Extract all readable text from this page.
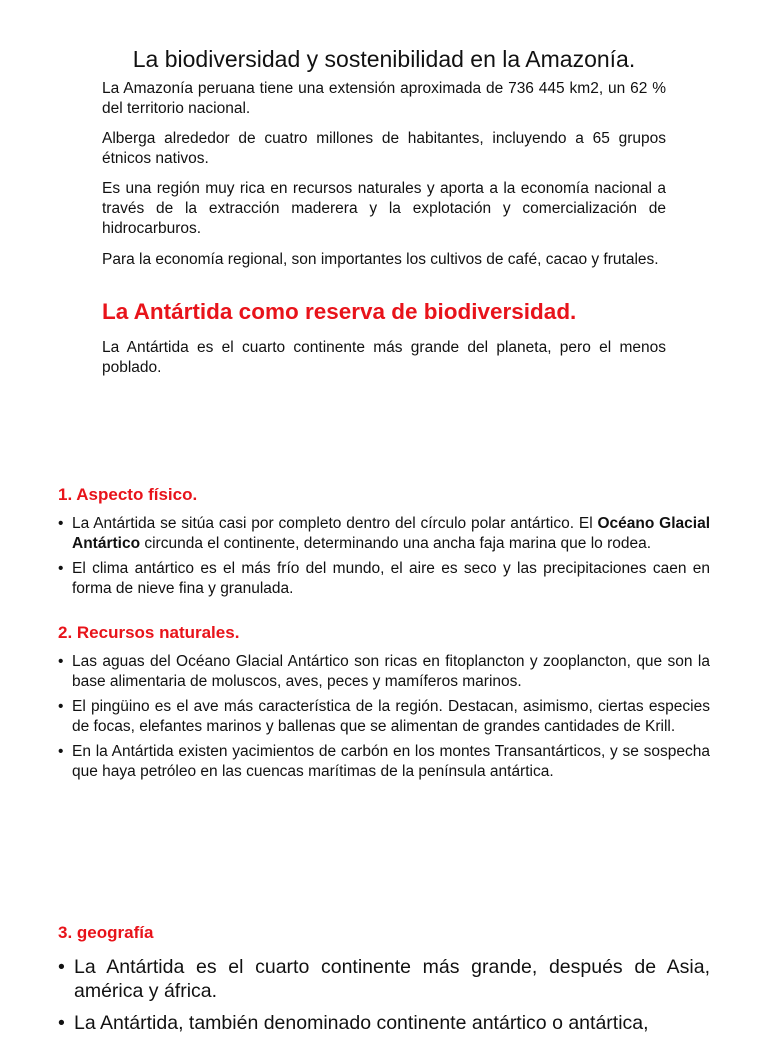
La biodiversidad y sostenibilidad en la Amazonía.

La Amazonía peruana tiene una extensión aproximada de 736 445 km2, un 62 % del territorio nacional.

Alberga alrededor de cuatro millones de habitantes, incluyendo a 65 grupos étnicos nativos.

Es una región muy rica en recursos naturales y aporta a la economía nacional a través de la extracción maderera y la explotación y comercialización de hidrocarburos.

Para la economía regional, son importantes los cultivos de café, cacao y frutales.

La Antártida como reserva de biodiversidad.

La Antártida es el cuarto continente más grande del planeta, pero el menos poblado.

1. Aspecto físico.
• La Antártida se sitúa casi por completo dentro del círculo polar antártico. El Océano Glacial Antártico circunda el continente, determinando una ancha faja marina que lo rodea.
• El clima antártico es el más frío del mundo, el aire es seco y las precipitaciones caen en forma de nieve fina y granulada.
2. Recursos naturales.
• Las aguas del Océano Glacial Antártico son ricas en fitoplancton y zooplancton, que son la base alimentaria de moluscos, aves, peces y mamíferos marinos.
• El pingüino es el ave más característica de la región. Destacan, asimismo, ciertas especies de focas, elefantes marinos y ballenas que se alimentan de grandes cantidades de Krill.
• En la Antártida existen yacimientos de carbón en los montes Transantárticos, y se sospecha que haya petróleo en las cuencas marítimas de la península antártica.
3. geografía
• La Antártida es el cuarto continente más grande, después de Asia, américa y áfrica.
• La Antártida, también denominado continente antártico o antártica,
